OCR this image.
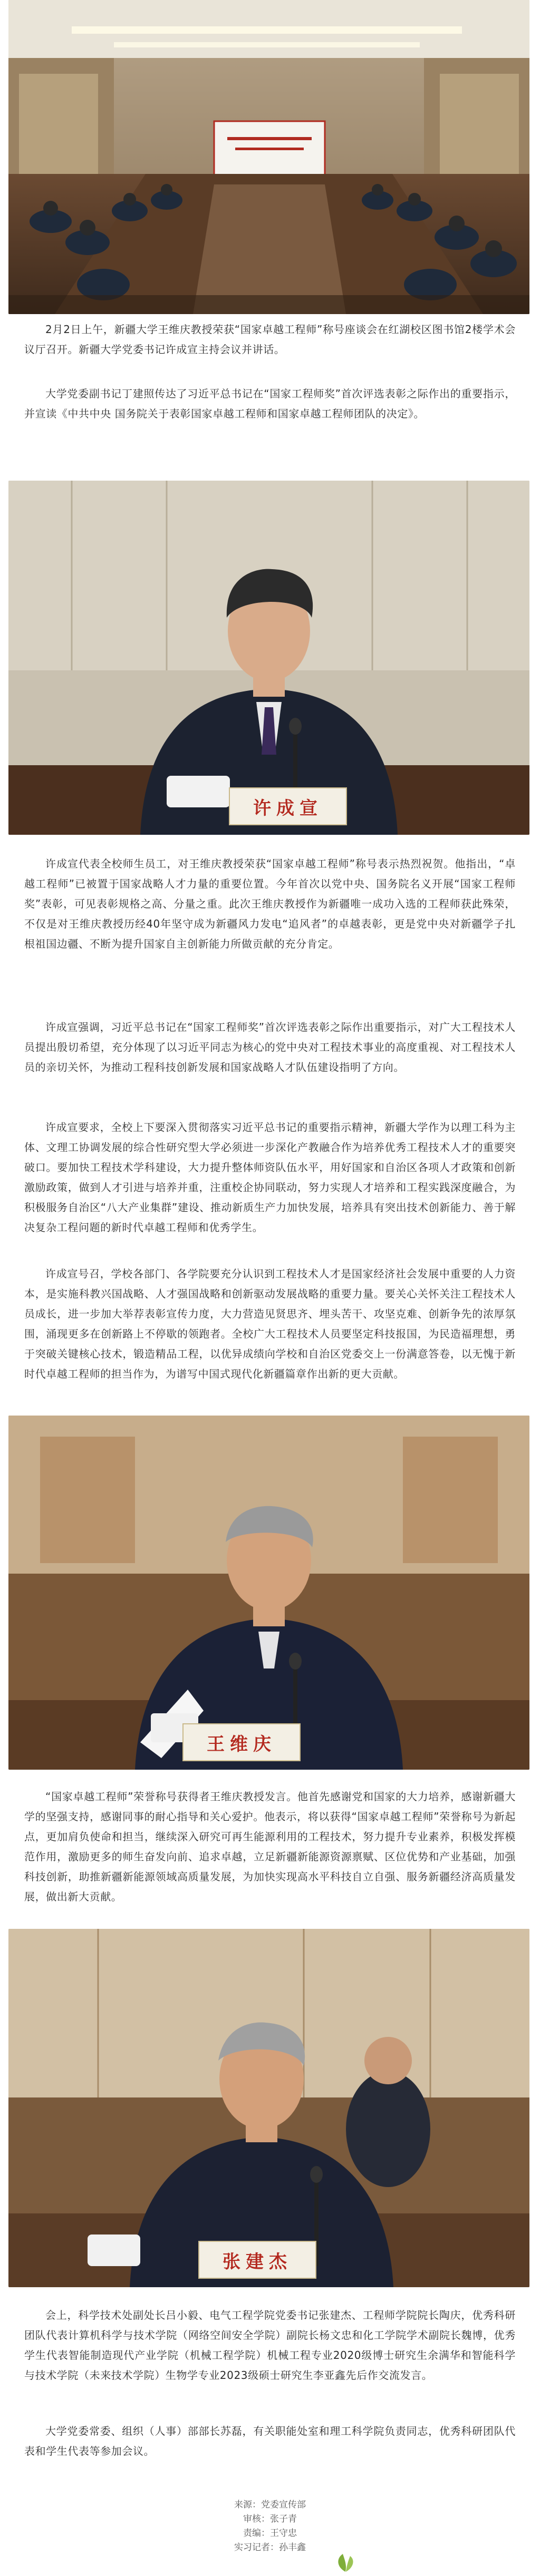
2月2日上午，新疆大学王维庆教授荣获“国家卓越工程师”称号座谈会在红湖校区图书馆2楼学术会议厅召开。新疆大学党委书记许成宣主持会议并讲话。

大学党委副书记丁建照传达了习近平总书记在“国家工程师奖”首次评选表彰之际作出的重要指示，并宣读《中共中央 国务院关于表彰国家卓越工程师和国家卓越工程师团队的决定》。

许成宣

许成宣代表全校师生员工，对王维庆教授荣获“国家卓越工程师”称号表示热烈祝贺。他指出，“卓越工程师”已被置于国家战略人才力量的重要位置。今年首次以党中央、国务院名义开展“国家工程师奖”表彰，可见表彰规格之高、分量之重。此次王维庆教授作为新疆唯一成功入选的工程师获此殊荣，不仅是对王维庆教授历经40年坚守成为新疆风力发电“追风者”的卓越表彰，更是党中央对新疆学子扎根祖国边疆、不断为提升国家自主创新能力所做贡献的充分肯定。

许成宣强调，习近平总书记在“国家工程师奖”首次评选表彰之际作出重要指示，对广大工程技术人员提出殷切希望，充分体现了以习近平同志为核心的党中央对工程技术事业的高度重视、对工程技术人员的亲切关怀，为推动工程科技创新发展和国家战略人才队伍建设指明了方向。

许成宣要求，全校上下要深入贯彻落实习近平总书记的重要指示精神，新疆大学作为以理工科为主体、文理工协调发展的综合性研究型大学必须进一步深化产教融合作为培养优秀工程技术人才的重要突破口。要加快工程技术学科建设，大力提升整体师资队伍水平，用好国家和自治区各项人才政策和创新激励政策，做到人才引进与培养并重，注重校企协同联动，努力实现人才培养和工程实践深度融合，为积极服务自治区“八大产业集群”建设、推动新质生产力加快发展，培养具有突出技术创新能力、善于解决复杂工程问题的新时代卓越工程师和优秀学生。

许成宣号召，学校各部门、各学院要充分认识到工程技术人才是国家经济社会发展中重要的人力资本，是实施科教兴国战略、人才强国战略和创新驱动发展战略的重要力量。要关心关怀关注工程技术人员成长，进一步加大举荐表彰宣传力度，大力营造见贤思齐、埋头苦干、攻坚克难、创新争先的浓厚氛围，涌现更多在创新路上不停歇的领跑者。全校广大工程技术人员要坚定科技报国，为民造福理想，勇于突破关键核心技术，锻造精品工程，以优异成绩向学校和自治区党委交上一份满意答卷，以无愧于新时代卓越工程师的担当作为，为谱写中国式现代化新疆篇章作出新的更大贡献。

王维庆

“国家卓越工程师”荣誉称号获得者王维庆教授发言。他首先感谢党和国家的大力培养，感谢新疆大学的坚强支持，感谢同事的耐心指导和关心爱护。他表示，将以获得“国家卓越工程师”荣誉称号为新起点，更加肩负使命和担当，继续深入研究可再生能源利用的工程技术，努力提升专业素养，积极发挥模范作用，激励更多的师生奋发向前、追求卓越，立足新疆新能源资源禀赋、区位优势和产业基础，加强科技创新，助推新疆新能源领域高质量发展，为加快实现高水平科技自立自强、服务新疆经济高质量发展，做出新大贡献。

张建杰

会上，科学技术处副处长吕小毅、电气工程学院党委书记张建杰、工程师学院院长陶庆，优秀科研团队代表计算机科学与技术学院（网络空间安全学院）副院长杨文忠和化工学院学术副院长魏博，优秀学生代表智能制造现代产业学院（机械工程学院）机械工程专业2020级博士研究生余满华和智能科学与技术学院（未来技术学院）生物学专业2023级硕士研究生李亚鑫先后作交流发言。

大学党委常委、组织（人事）部部长苏磊，有关职能处室和理工科学院负责同志，优秀科研团队代表和学生代表等参加会议。

来源：党委宣传部
审核：张子青
责编：王守忠
实习记者：孙丰鑫
